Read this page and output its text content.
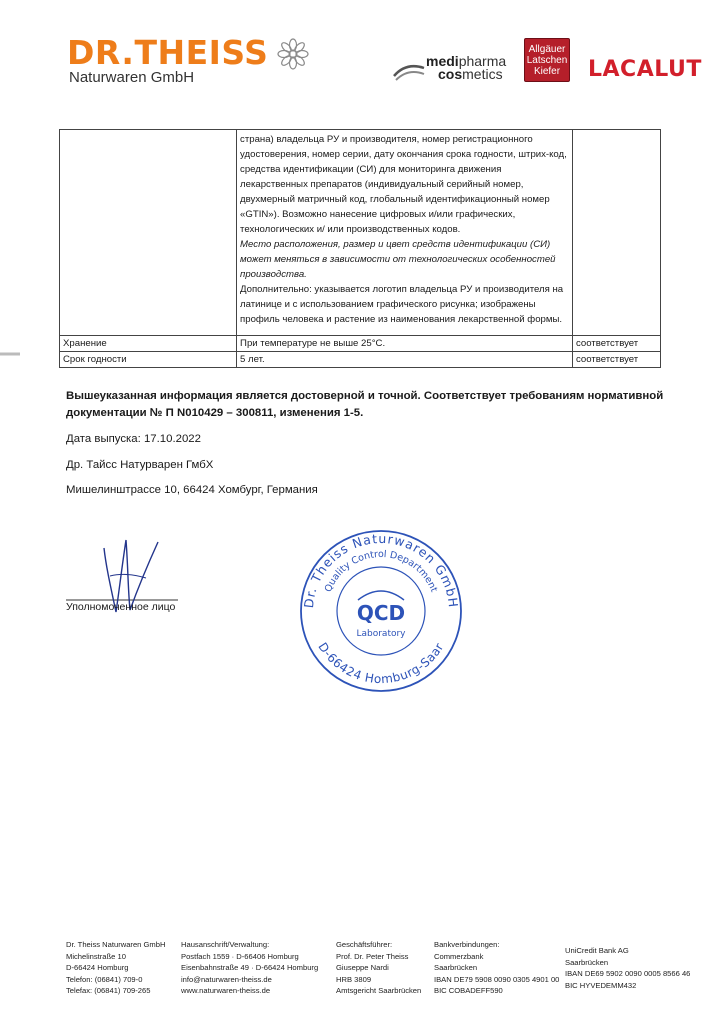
DR.THEISS
Naturwaren GmbH
medipharma
cosmetics
Allgäuer
Latschen
Kiefer	LACALUT

	страна) владельца РУ и производителя, номер регистрационного удостоверения, номер серии, дату окончания срока годности, штрих-код, средства идентификации (СИ) для мониторинга движения лекарственных препаратов (индивидуальный серийный номер, двухмерный матричный код, глобальный идентификационный номер «GTIN»). Возможно нанесение цифровых и/или графических, технологических и/ или производственных кодов.

Место расположения, размер и цвет средств идентификации (СИ) может меняться в зависимости от технологических особенностей производства.

Дополнительно: указывается логотип владельца РУ и производителя на латинице и с использованием графического рисунка; изображены профиль человека и растение из наименования лекарственной формы.	

Хранение	При температуре не выше 25°C.	соответствует
Срок годности	5 лет.	соответствует
Вышеуказанная информация является достоверной и точной. Соответствует требованиям нормативной документации № П N010429 – 300811, изменения 1-5.
Дата выпуска: 17.10.2022
Др. Тайсс Натурварен ГмбХ
Мишелинштрассе 10, 66424 Хомбург, Германия
Уполномоченное лицо	Dr. Theiss Naturwaren GmbH
Quality Control Department
D-66424 Homburg-Saar
QCD
Laboratory
Dr. Theiss Naturwaren GmbH
Michelinstraße 10
D-66424 Homburg
Telefon: (06841) 709-0
Telefax: (06841) 709-265
Hausanschrift/Verwaltung:
Postfach 1559 · D-66406 Homburg
Eisenbahnstraße 49 · D-66424 Homburg
info@naturwaren-theiss.de
www.naturwaren-theiss.de
Geschäftsführer:
Prof. Dr. Peter Theiss
Giuseppe Nardi
HRB 3809
Amtsgericht Saarbrücken
Bankverbindungen:
Commerzbank
Saarbrücken
IBAN DE79 5908 0090 0305 4901 00
BIC COBADEFF590
UniCredit Bank AG
Saarbrücken
IBAN DE69 5902 0090 0005 8566 46
BIC HYVEDEMM432
